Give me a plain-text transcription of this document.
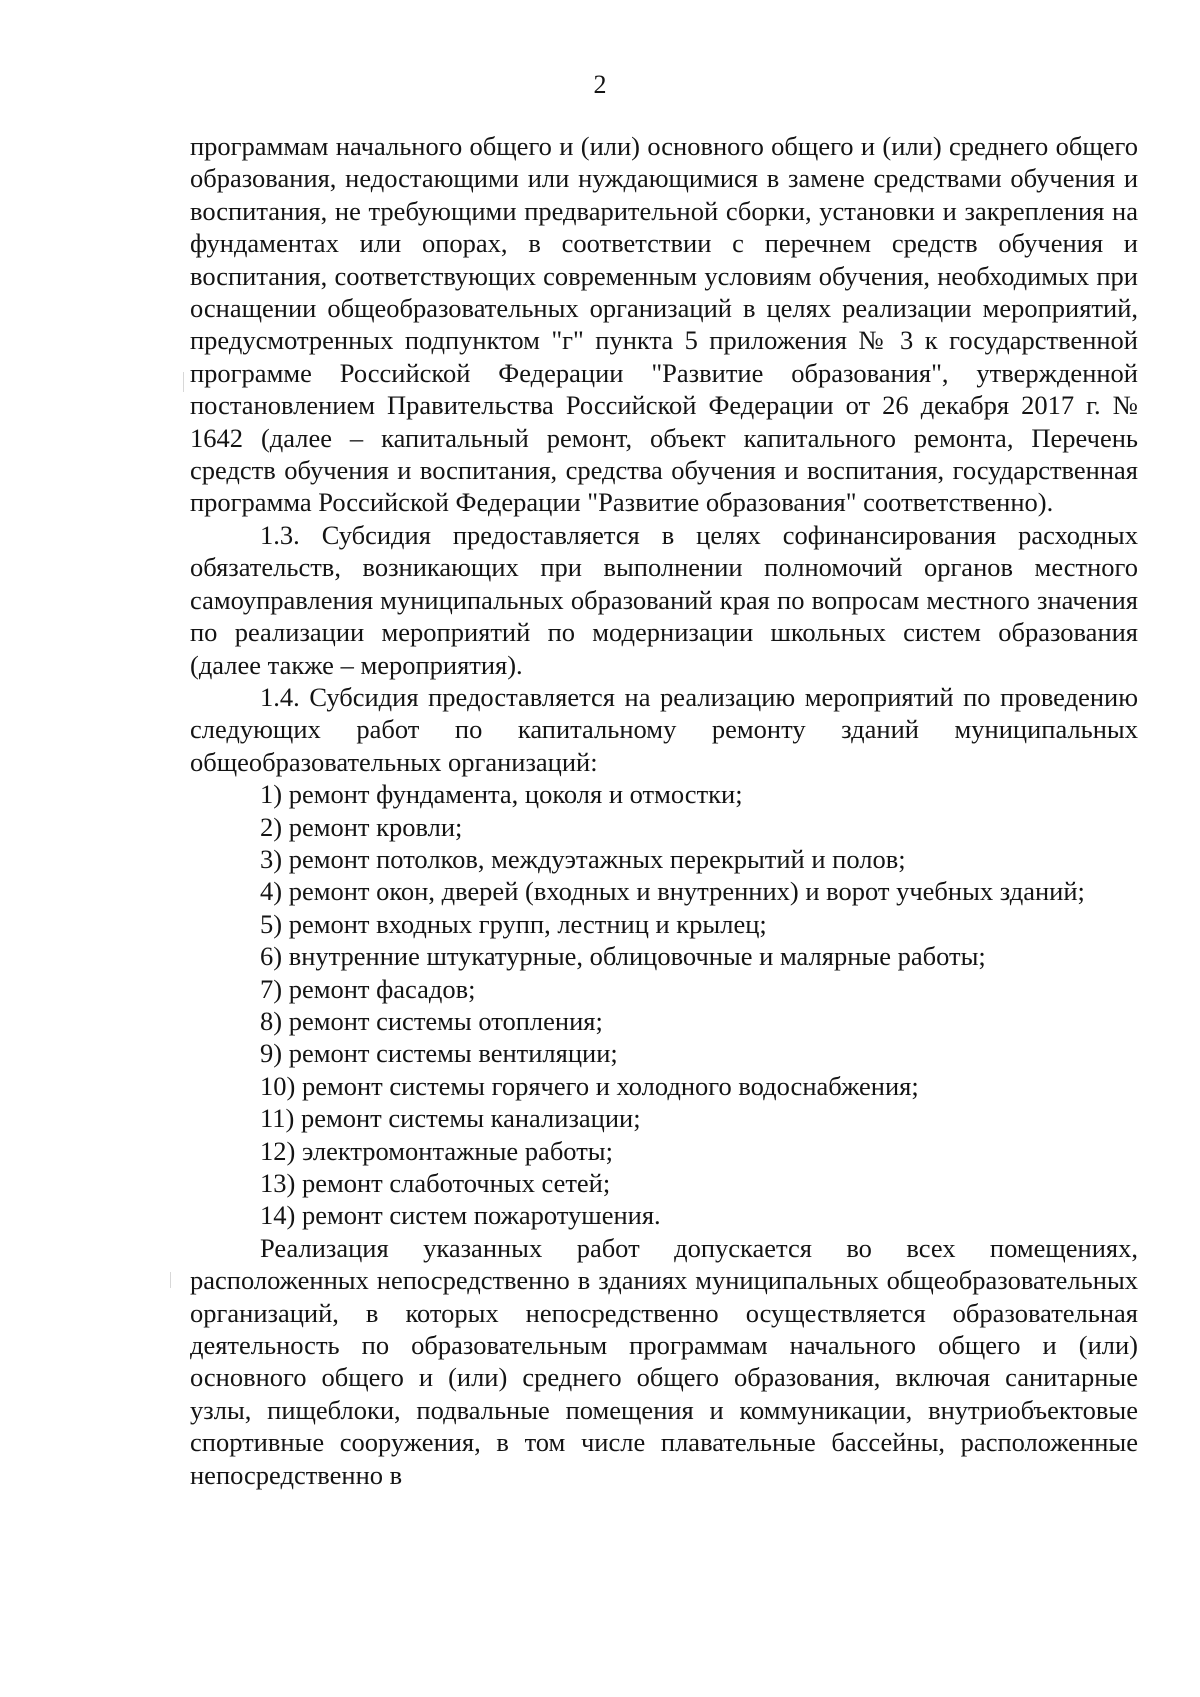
2

программам начального общего и (или) основного общего и (или) среднего общего образования, недостающими или нуждающимися в замене средствами обучения и воспитания, не требующими предварительной сборки, установки и закрепления на фундаментах или опорах, в соответствии с перечнем средств обучения и воспитания, соответствующих современным условиям обучения, необходимых при оснащении общеобразовательных организаций в целях реализации мероприятий, предусмотренных подпунктом "г" пункта 5 приложения № 3 к государственной программе Российской Федерации "Развитие образования", утвержденной постановлением Правительства Российской Федерации от 26 декабря 2017 г. № 1642 (далее – капитальный ремонт, объект капитального ремонта, Перечень средств обучения и воспитания, средства обучения и воспитания, государственная программа Российской Федерации "Развитие образования" соответственно).

1.3. Субсидия предоставляется в целях софинансирования расходных обязательств, возникающих при выполнении полномочий органов местного самоуправления муниципальных образований края по вопросам местного значения по реализации мероприятий по модернизации школьных систем образования (далее также – мероприятия).

1.4. Субсидия предоставляется на реализацию мероприятий по проведению следующих работ по капитальному ремонту зданий муниципальных общеобразовательных организаций:

1) ремонт фундамента, цоколя и отмостки;

2) ремонт кровли;

3) ремонт потолков, междуэтажных перекрытий и полов;

4) ремонт окон, дверей (входных и внутренних) и ворот учебных зданий;

5) ремонт входных групп, лестниц и крылец;

6) внутренние штукатурные, облицовочные и малярные работы;

7) ремонт фасадов;

8) ремонт системы отопления;

9) ремонт системы вентиляции;

10) ремонт системы горячего и холодного водоснабжения;

11) ремонт системы канализации;

12) электромонтажные работы;

13) ремонт слаботочных сетей;

14) ремонт систем пожаротушения.

Реализация указанных работ допускается во всех помещениях, расположенных непосредственно в зданиях муниципальных общеобразовательных организаций, в которых непосредственно осуществляется образовательная деятельность по образовательным программам начального общего и (или) основного общего и (или) среднего общего образования, включая санитарные узлы, пищеблоки, подвальные помещения и коммуникации, внутриобъектовые спортивные сооружения, в том числе плавательные бассейны, расположенные непосредственно в
